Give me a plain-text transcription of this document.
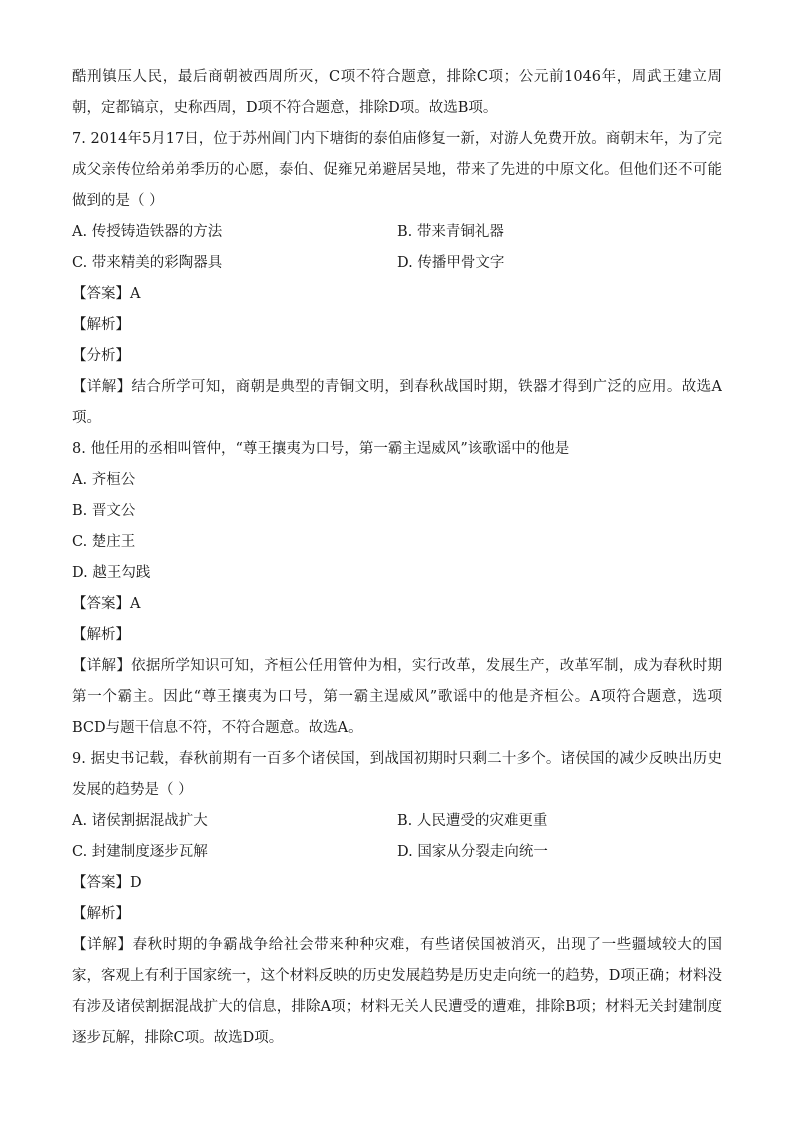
酷刑镇压人民，最后商朝被西周所灭，C项不符合题意，排除C项；公元前1046年，周武王建立周朝，定都镐京，史称西周，D项不符合题意，排除D项。故选B项。
7. 2014年5月17日，位于苏州阊门内下塘街的泰伯庙修复一新，对游人免费开放。商朝末年，为了完成父亲传位给弟弟季历的心愿，泰伯、促雍兄弟避居吴地，带来了先进的中原文化。但他们还不可能做到的是（ ）
A. 传授铸造铁器的方法	B. 带来青铜礼器
C. 带来精美的彩陶器具	D. 传播甲骨文字
【答案】A
【解析】
【分析】
【详解】结合所学可知，商朝是典型的青铜文明，到春秋战国时期，铁器才得到广泛的应用。故选A项。
8. 他任用的丞相叫管仲，“尊王攘夷为口号，第一霸主逞威风”该歌谣中的他是
A. 齐桓公
B. 晋文公
C. 楚庄王
D. 越王勾践
【答案】A
【解析】
【详解】依据所学知识可知，齐桓公任用管仲为相，实行改革，发展生产，改革军制，成为春秋时期第一个霸主。因此“尊王攘夷为口号，第一霸主逞威风”歌谣中的他是齐桓公。A项符合题意，选项BCD与题干信息不符，不符合题意。故选A。
9. 据史书记载，春秋前期有一百多个诸侯国，到战国初期时只剩二十多个。诸侯国的减少反映出历史发展的趋势是（ ）
A. 诸侯割据混战扩大	B. 人民遭受的灾难更重
C. 封建制度逐步瓦解	D. 国家从分裂走向统一
【答案】D
【解析】
【详解】春秋时期的争霸战争给社会带来种种灾难，有些诸侯国被消灭，出现了一些疆域较大的国家，客观上有利于国家统一，这个材料反映的历史发展趋势是历史走向统一的趋势，D项正确；材料没有涉及诸侯割据混战扩大的信息，排除A项；材料无关人民遭受的遭难，排除B项；材料无关封建制度逐步瓦解，排除C项。故选D项。
